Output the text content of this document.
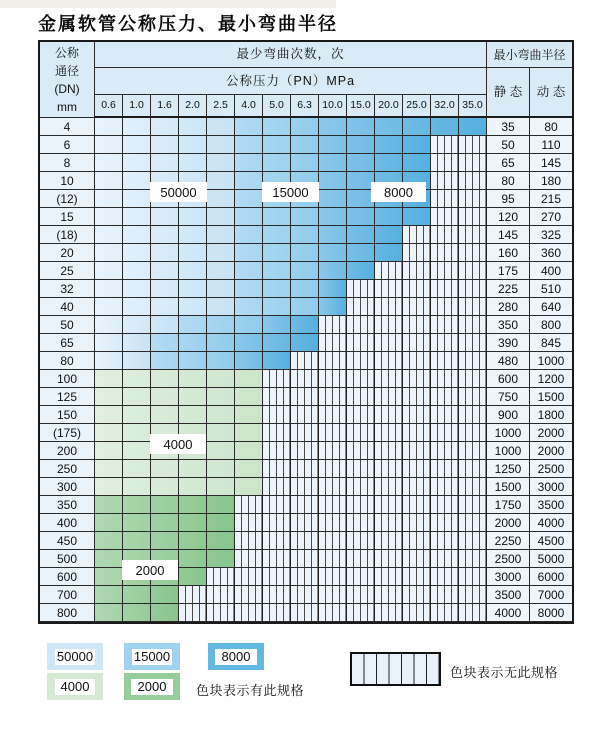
金属软管公称压力、最小弯曲半径
公称
通径
(DN)
mm
最少弯曲次数，次	最小弯曲半径
公称压力（PN）MPa
静 态	动 态
0.6	1.0	1.6	2.0	2.5	4.0	5.0	6.3 10.0 15.0 20.0 25.0 32.0 35.0
4	35	80
6	50	110
8	65	145
10	80	180
(12)	95	215
15	120	270
(18)	145	325
20	160	360
25	175	400
32	225	510
40	280	640
50	350	800
65	390	845
80	480	1000
100	600	1200
125	750	1500
150	900	1800
(175)	1000	2000
200	1000	2000
250	1250	2500
300	1500	3000
350	1750	3500
400	2000	4000
450	2250	4500
500	2500	5000
600	3000	6000
700	3500	7000
800	4000	8000
50000	15000	8000
4000
2000
50000	15000	8000
4000	2000	色块表示有此规格
色块表示无此规格
